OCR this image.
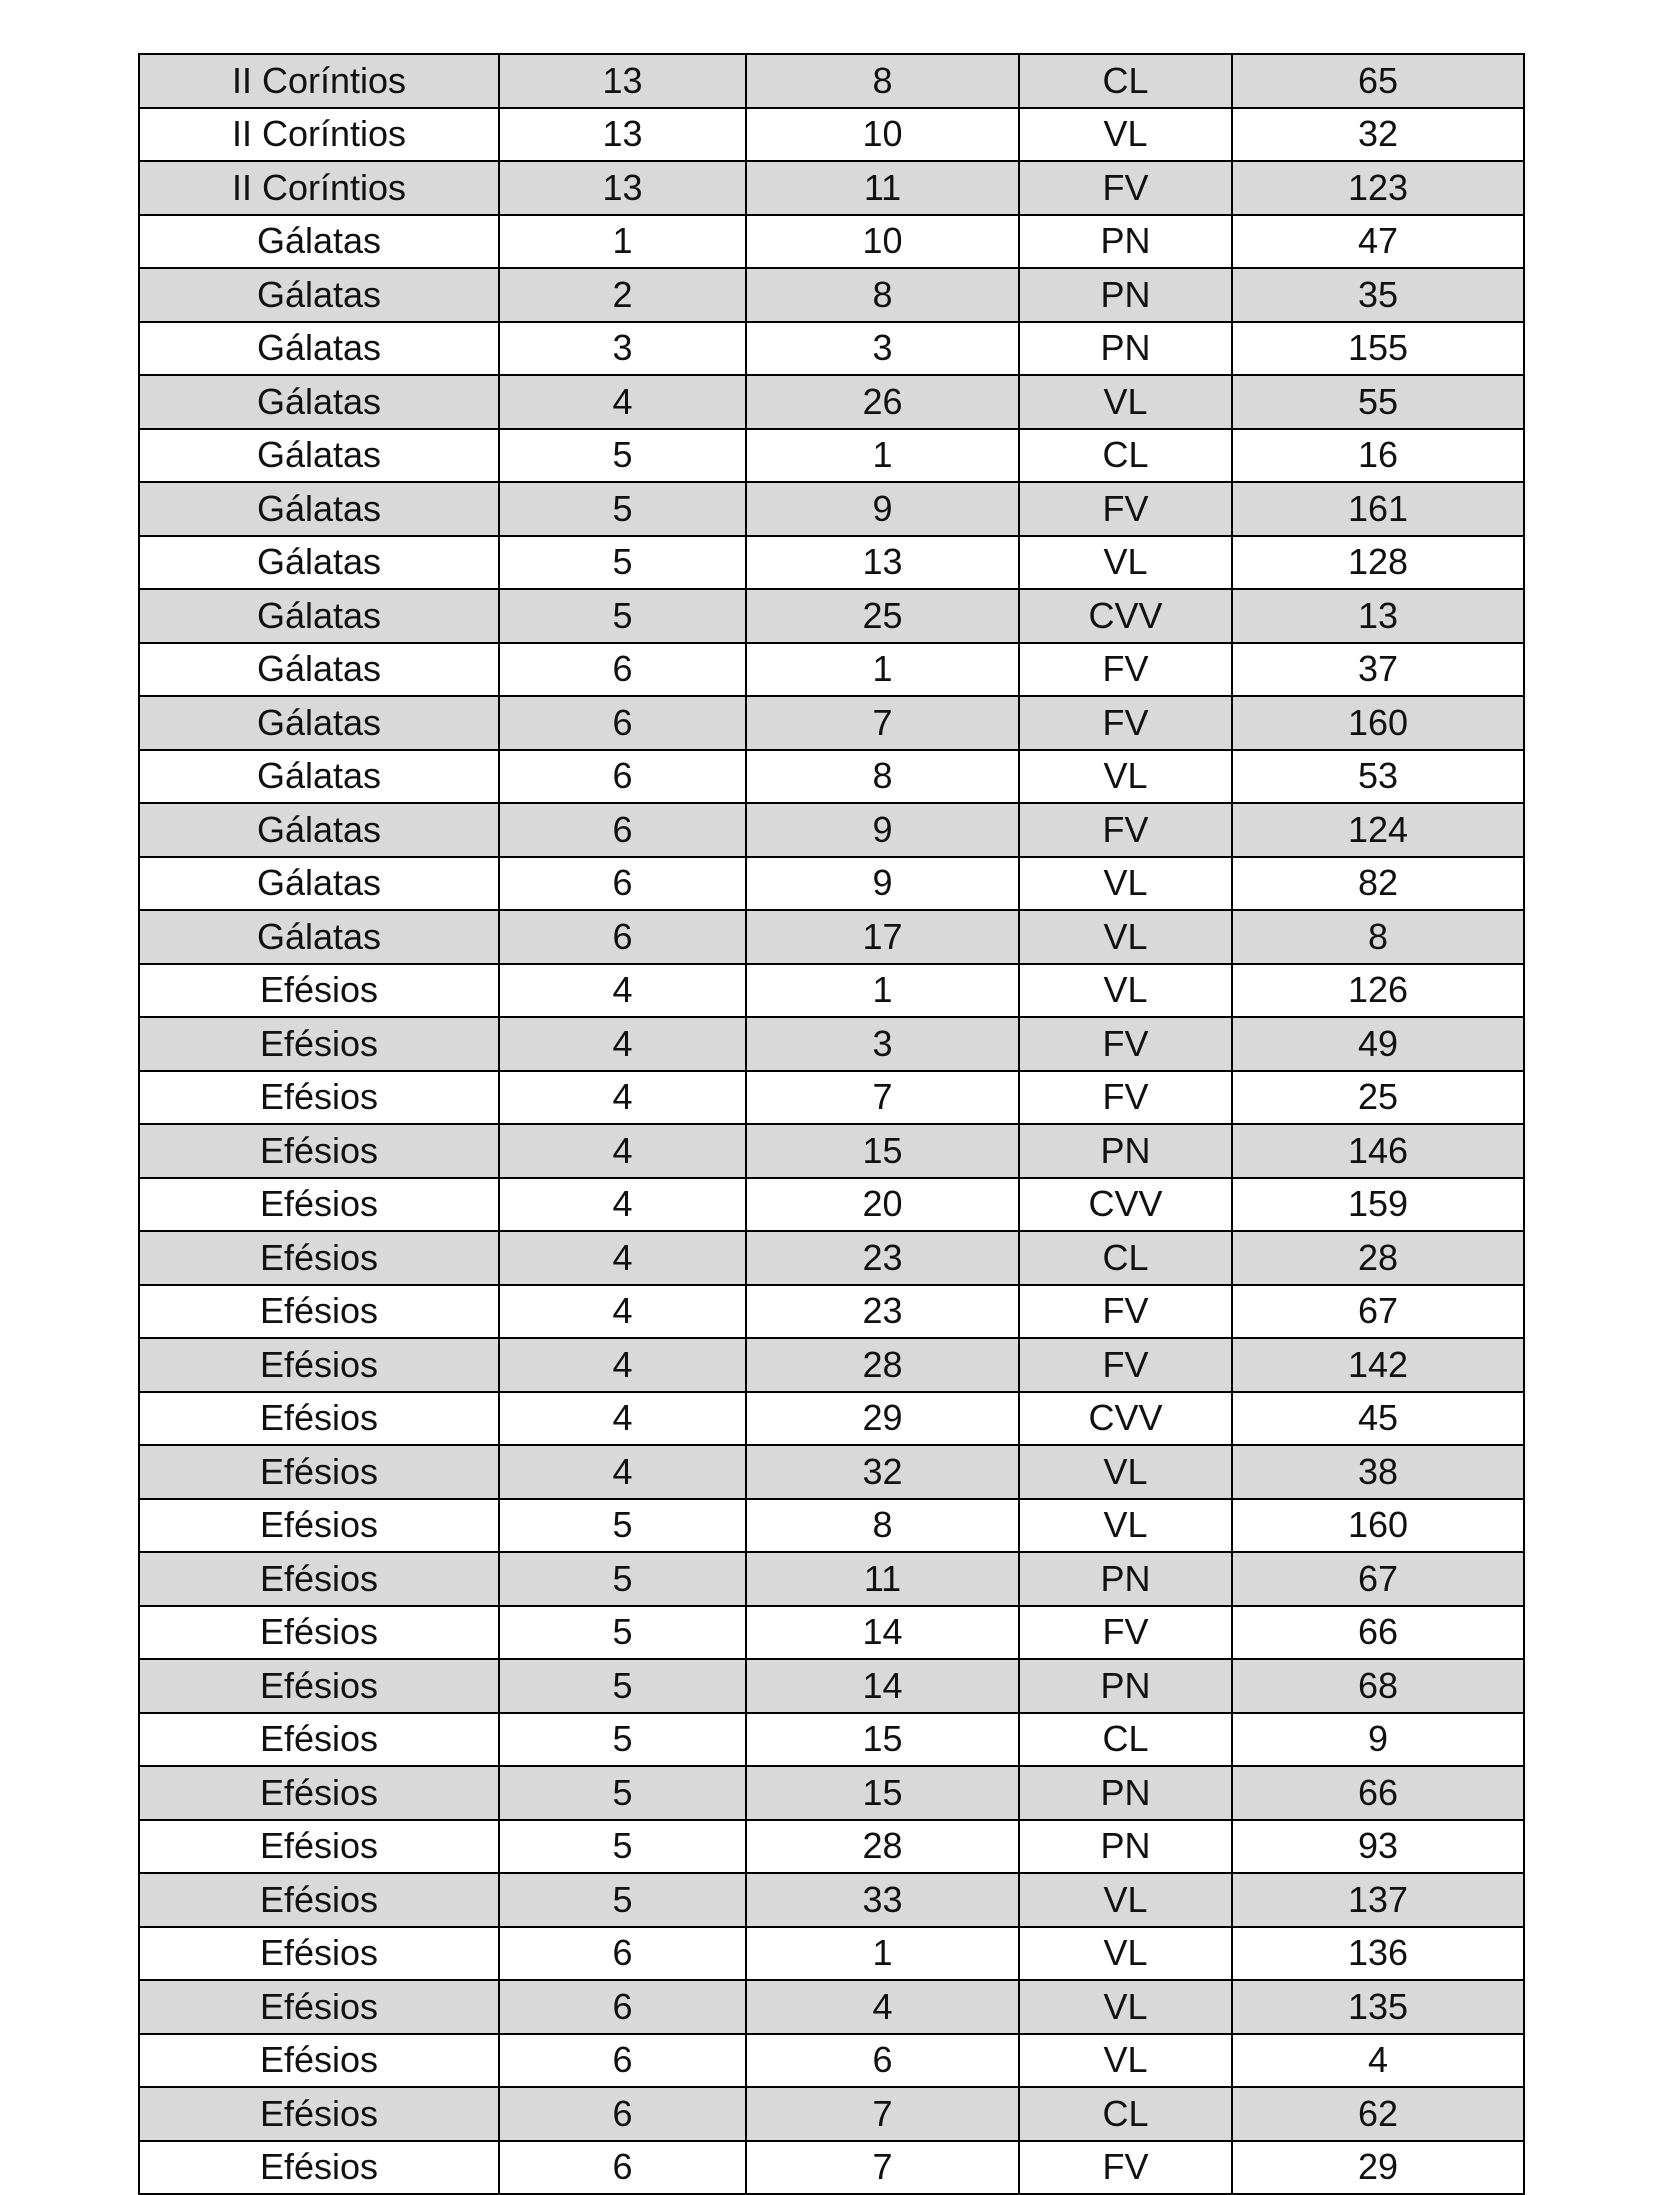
II Coríntios	13	8	CL	65
II Coríntios	13	10	VL	32
II Coríntios	13	11	FV	123
Gálatas	1	10	PN	47
Gálatas	2	8	PN	35
Gálatas	3	3	PN	155
Gálatas	4	26	VL	55
Gálatas	5	1	CL	16
Gálatas	5	9	FV	161
Gálatas	5	13	VL	128
Gálatas	5	25	CVV	13
Gálatas	6	1	FV	37
Gálatas	6	7	FV	160
Gálatas	6	8	VL	53
Gálatas	6	9	FV	124
Gálatas	6	9	VL	82
Gálatas	6	17	VL	8
Efésios	4	1	VL	126
Efésios	4	3	FV	49
Efésios	4	7	FV	25
Efésios	4	15	PN	146
Efésios	4	20	CVV	159
Efésios	4	23	CL	28
Efésios	4	23	FV	67
Efésios	4	28	FV	142
Efésios	4	29	CVV	45
Efésios	4	32	VL	38
Efésios	5	8	VL	160
Efésios	5	11	PN	67
Efésios	5	14	FV	66
Efésios	5	14	PN	68
Efésios	5	15	CL	9
Efésios	5	15	PN	66
Efésios	5	28	PN	93
Efésios	5	33	VL	137
Efésios	6	1	VL	136
Efésios	6	4	VL	135
Efésios	6	6	VL	4
Efésios	6	7	CL	62
Efésios	6	7	FV	29
